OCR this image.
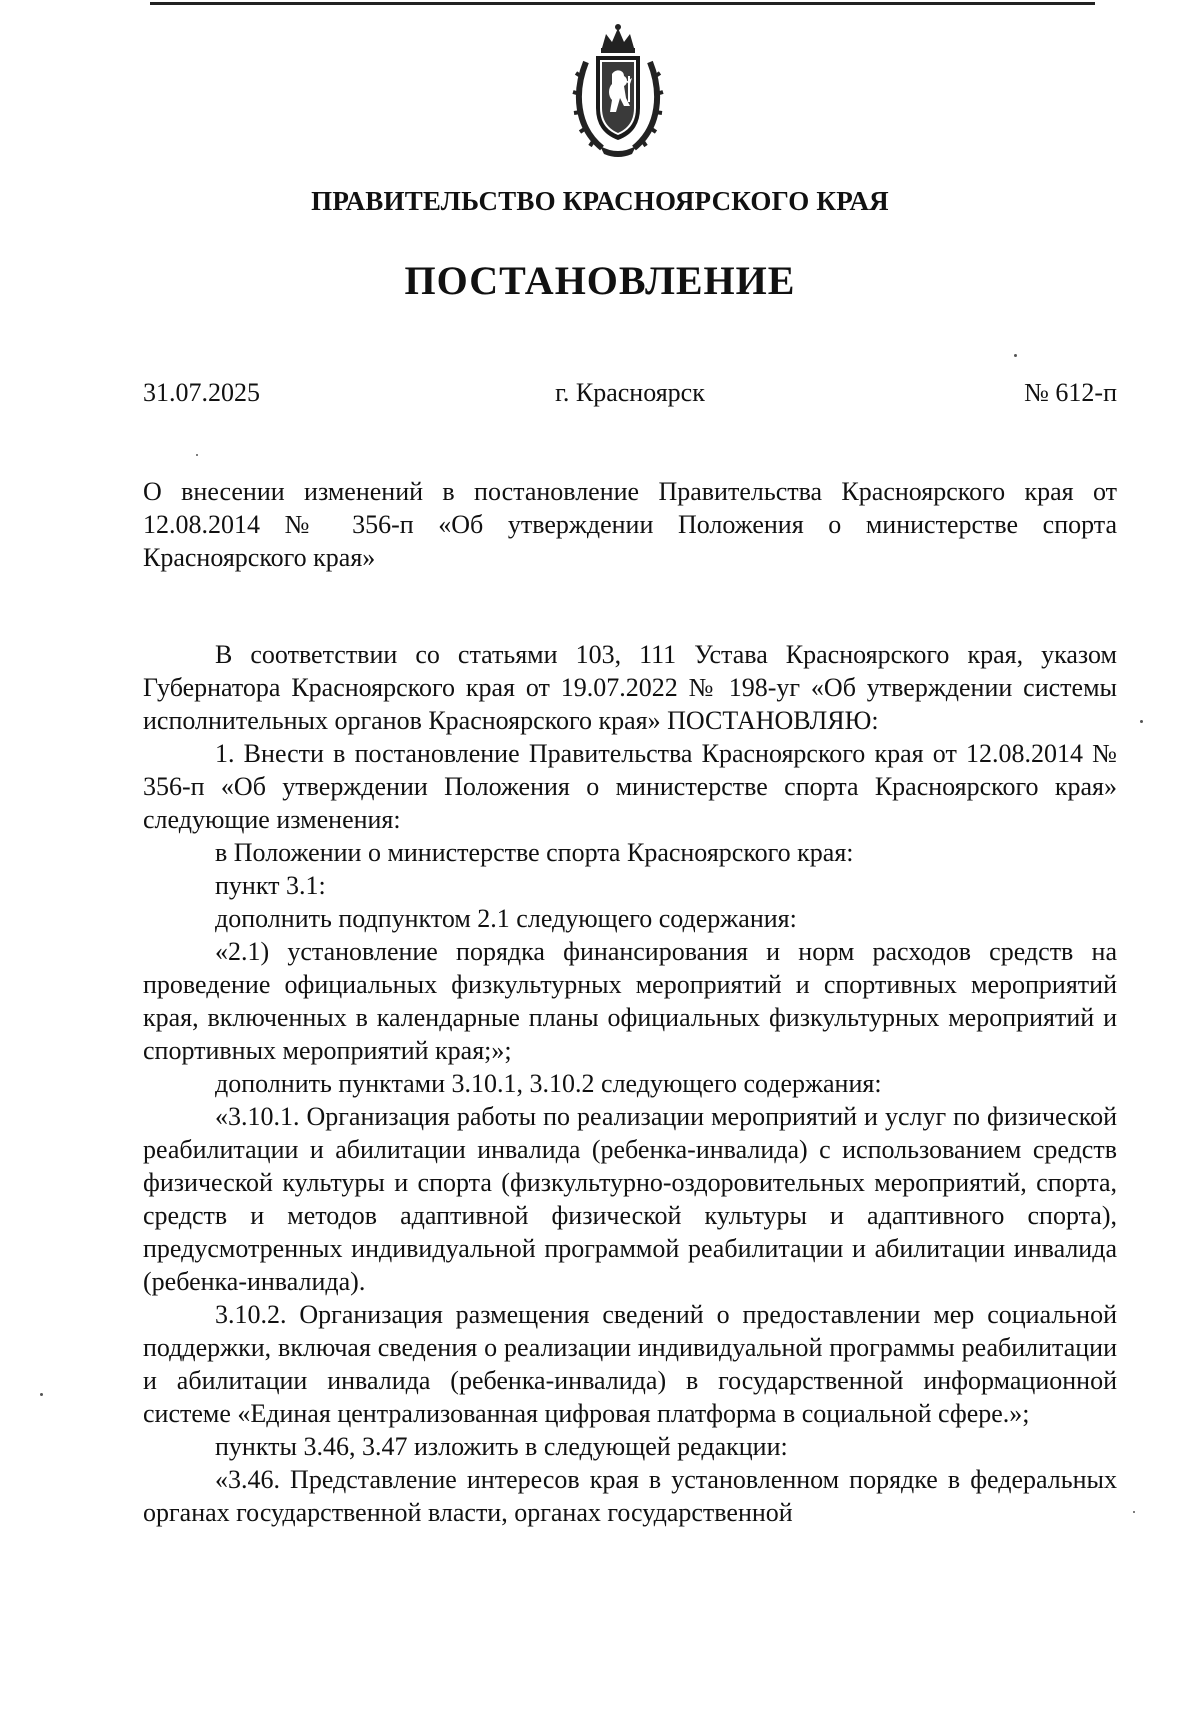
ПРАВИТЕЛЬСТВО КРАСНОЯРСКОГО КРАЯ
ПОСТАНОВЛЕНИЕ
31.07.2025	г. Красноярск	№ 612-п
О внесении изменений в постановление Правительства Красноярского края от 12.08.2014 № 356-п «Об утверждении Положения о министерстве спорта Красноярского края»

В соответствии со статьями 103, 111 Устава Красноярского края, указом Губернатора Красноярского края от 19.07.2022 № 198-уг «Об утверждении системы исполнительных органов Красноярского края» ПОСТАНОВЛЯЮ:

1. Внести в постановление Правительства Красноярского края от 12.08.2014 № 356-п «Об утверждении Положения о министерстве спорта Красноярского края» следующие изменения:

в Положении о министерстве спорта Красноярского края:

пункт 3.1:

дополнить подпунктом 2.1 следующего содержания:

«2.1) установление порядка финансирования и норм расходов средств на проведение официальных физкультурных мероприятий и спортивных мероприятий края, включенных в календарные планы официальных физкультурных мероприятий и спортивных мероприятий края;»;

дополнить пунктами 3.10.1, 3.10.2 следующего содержания:

«3.10.1. Организация работы по реализации мероприятий и услуг по физической реабилитации и абилитации инвалида (ребенка-инвалида) с использованием средств физической культуры и спорта (физкультурно-оздоровительных мероприятий, спорта, средств и методов адаптивной физической культуры и адаптивного спорта), предусмотренных индивидуальной программой реабилитации и абилитации инвалида (ребенка-инвалида).

3.10.2. Организация размещения сведений о предоставлении мер социальной поддержки, включая сведения о реализации индивидуальной программы реабилитации и абилитации инвалида (ребенка-инвалида) в государственной информационной системе «Единая централизованная цифровая платформа в социальной сфере.»;

пункты 3.46, 3.47 изложить в следующей редакции:

«3.46. Представление интересов края в установленном порядке в федеральных органах государственной власти, органах государственной
